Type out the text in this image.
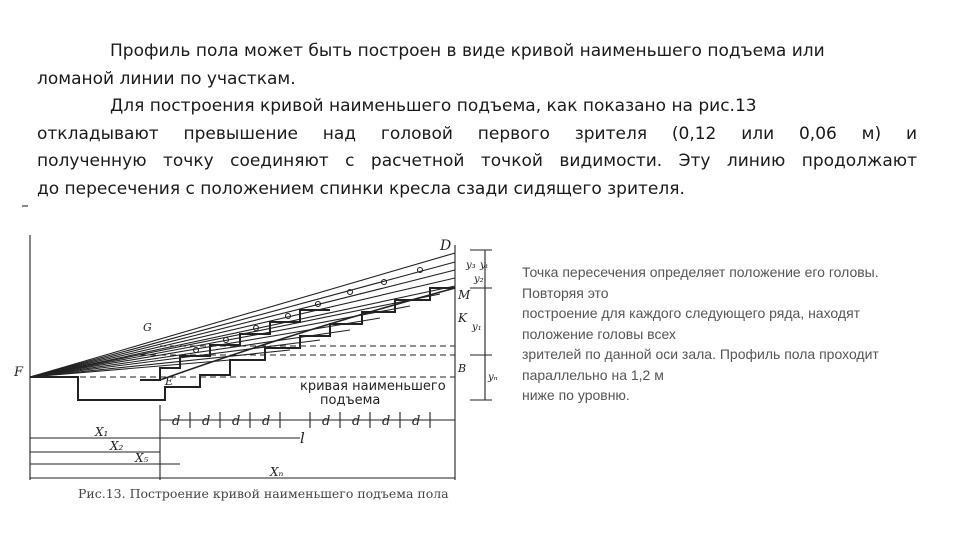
Профиль пола может быть построен в виде кривой наименьшего подъема или
ломаной линии по участкам.

Для построения кривой наименьшего подъема, как показано на рис.13
откладывают превышение над головой первого зрителя (0,12 или 0,06 м) и
полученную точку соединяют с расчетной точкой видимости. Эту линию продолжают
до пересечения с положением спинки кресла сзади сидящего зрителя.

F
G
D
M
K
B
E	кривая наименьшего
подъема
d d d d	d d d d
l
X₁
X₂
X₅
Xₙ
yₙ
y₁
y₂
y₃ yₜ
Рис.13. Построение кривой наименьшего подъема пола
Точка пересечения определяет положение его головы.
Повторяя это
построение для каждого следующего ряда, находят
положение головы всех
зрителей по данной оси зала. Профиль пола проходит
параллельно на 1,2 м
ниже по уровню.
